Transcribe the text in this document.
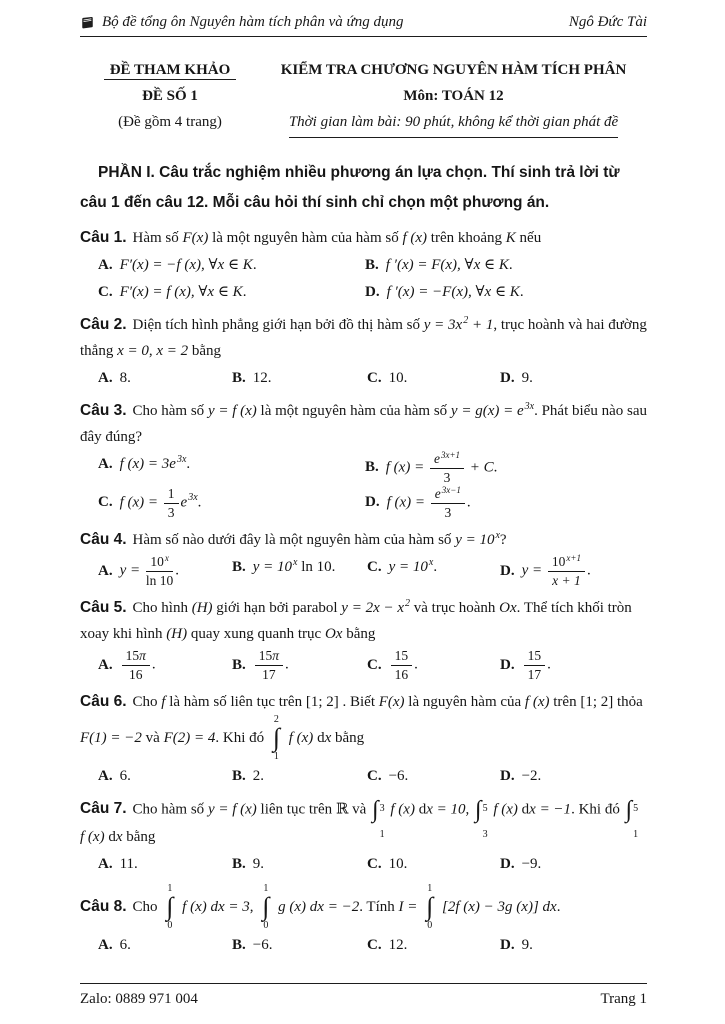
Bộ đề tổng ôn Nguyên hàm tích phân và ứng dụng	Ngô Đức Tài
ĐỀ THAM KHẢO
ĐỀ SỐ 1
(Đề gồm 4 trang)
KIỂM TRA CHƯƠNG NGUYÊN HÀM TÍCH PHÂN
Môn: TOÁN 12
Thời gian làm bài: 90 phút, không kể thời gian phát đề

PHẦN I. Câu trắc nghiệm nhiều phương án lựa chọn. Thí sinh trả lời từ câu 1 đến câu 12. Mỗi câu hỏi thí sinh chỉ chọn một phương án.

Câu 1. Hàm số F(x) là một nguyên hàm của hàm số f (x) trên khoảng K nếu

A. F′(x) = −f (x), ∀x ∈ K.	B. f ′(x) = F(x), ∀x ∈ K.
C. F′(x) = f (x), ∀x ∈ K.	D. f ′(x) = −F(x), ∀x ∈ K.

Câu 2. Diện tích hình phẳng giới hạn bởi đồ thị hàm số $y = 3x^2 + 1$, trục hoành và hai đường thẳng x = 0, x = 2 bằng

A. 8.	B. 12.	C. 10.	D. 9.

Câu 3. Cho hàm số y = f (x) là một nguyên hàm của hàm số $y = g(x) = e^{3x}$. Phát biểu nào sau đây đúng?

A. f $(x) = 3e^{3x}$.	B. f $(x) = \frac{e^{3x+1}}{3} + C$.
C. f $(x) = \frac{1}{3} e^{3x}$.	D. f $(x) = \frac{e^{3x-1}}{3}$ .

Câu 4. Hàm số nào dưới đây là một nguyên hàm của hàm số $y = 10^x$?

A. $y = \frac{10^x}{\ln 10}$ .	B. $y = 10^x$ ln 10. C. $y = 10^x$.	D. $y = \frac{10^{x+1}}{x + 1}$ .

Câu 5. Cho hình (H) giới hạn bởi parabol $y = 2x - x^2$ và trục hoành Ox. Thể tích khối tròn xoay khi hình (H) quay xung quanh trục Ox bằng

A. $\frac{15\pi}{16}$ .	B. $\frac{15\pi}{17}$ .	C. $\frac{15}{16}$ .	D. $\frac{15}{17}$ .

Câu 6. Cho f là hàm số liên tục trên [1; 2] . Biết F(x) là nguyên hàm của f (x) trên [1; 2] thỏa F(1) = −2 và F(2) = 4. Khi đó
2
∫
1
f (x) dx bằng

A. 6.	B. 2.	C. −6.	D. −2.

Câu 7. Cho hàm số y = f (x) liên tục trên ℝ và ∫ 3
1
f (x) dx = 10, ∫ 5
3
f (x) dx = −1. Khi đó ∫ 5
1
f (x) dx bằng

A. 11.	B. 9.	C. 10.	D. −9.

Câu 8. Cho
1
∫
0
f (x) dx = 3,
1
∫
0
g (x) dx = −2. Tính I =
1
∫
0
[2f (x) − 3g (x)] dx.

A. 6.	B. −6.	C. 12.	D. 9.
Zalo: 0889 971 004	Trang 1
